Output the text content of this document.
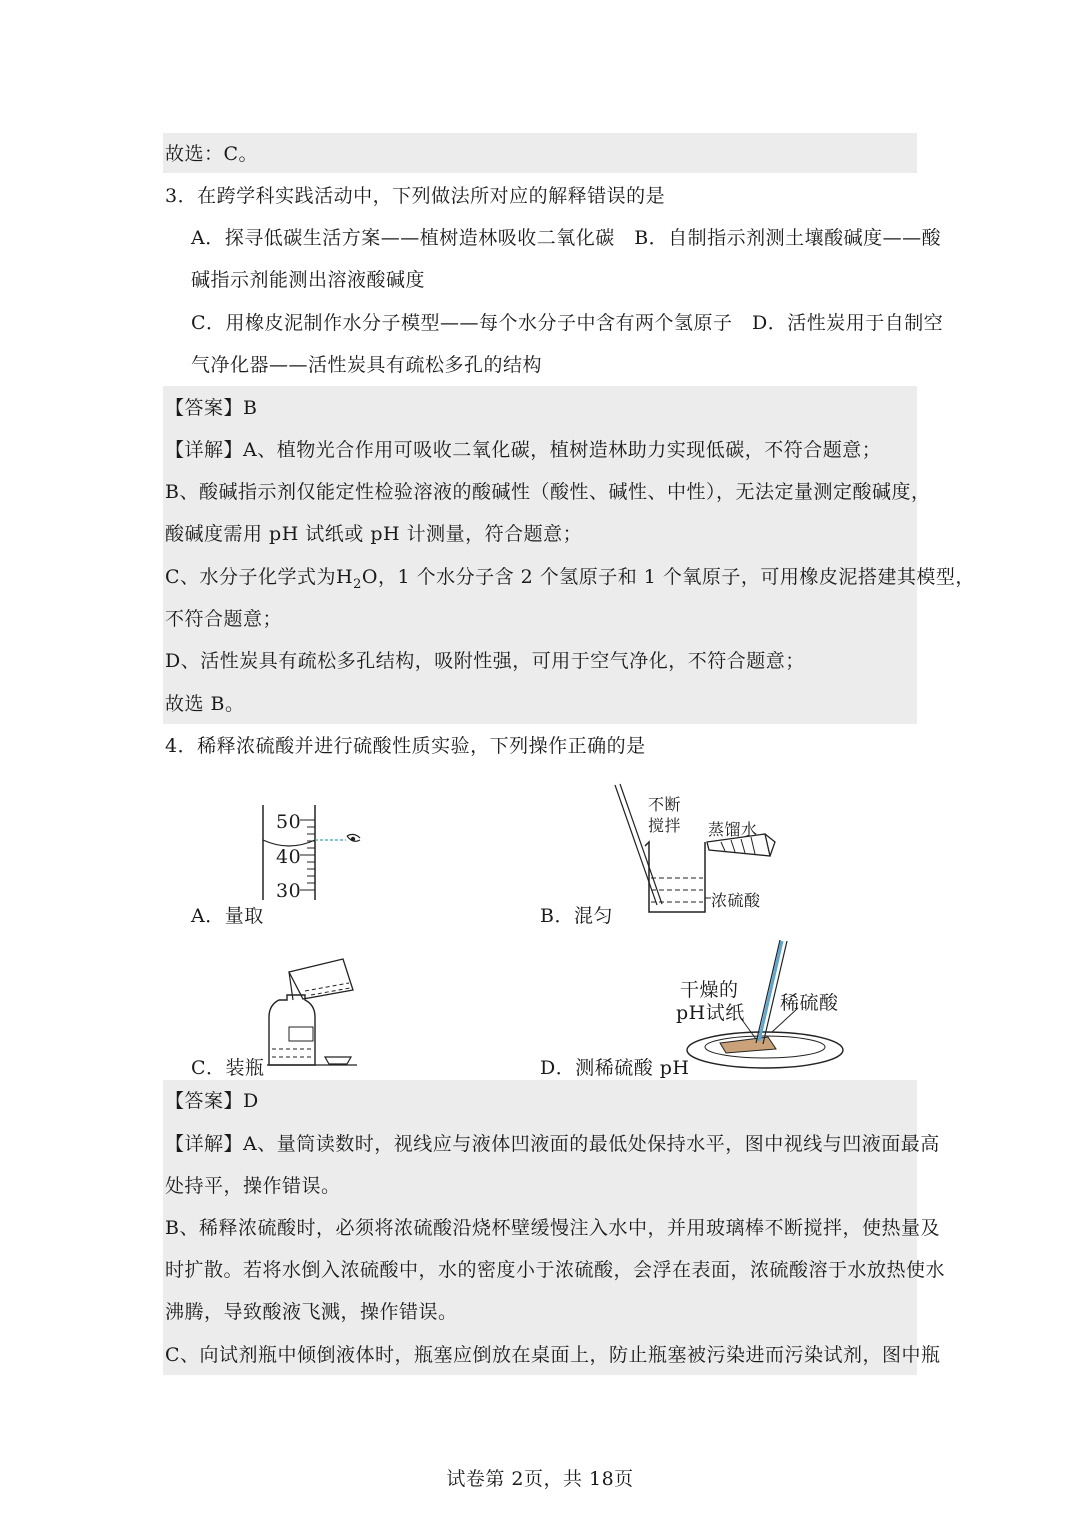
故选：C。
3．在跨学科实践活动中，下列做法所对应的解释错误的是
A．探寻低碳生活方案——植树造林吸收二氧化碳　B．自制指示剂测土壤酸碱度——酸
碱指示剂能测出溶液酸碱度
C．用橡皮泥制作水分子模型——每个水分子中含有两个氢原子　D．活性炭用于自制空
气净化器——活性炭具有疏松多孔的结构
【答案】B
【详解】A、植物光合作用可吸收二氧化碳，植树造林助力实现低碳，不符合题意；
B、酸碱指示剂仅能定性检验溶液的酸碱性（酸性、碱性、中性），无法定量测定酸碱度，
酸碱度需用 pH 试纸或 pH 计测量，符合题意；
C、水分子化学式为$H_2O$，1 个水分子含 2 个氢原子和 1 个氧原子，可用橡皮泥搭建其模型，
不符合题意；
D、活性炭具有疏松多孔结构，吸附性强，可用于空气净化，不符合题意；
故选 B。
4．稀释浓硫酸并进行硫酸性质实验，下列操作正确的是
50
40
30
A．量取
不断
搅拌 蒸馏水
浓硫酸
B．混匀
C．装瓶
干燥的
pH试纸 稀硫酸
D．测稀硫酸 pH
【答案】D
【详解】A、量筒读数时，视线应与液体凹液面的最低处保持水平，图中视线与凹液面最高
处持平，操作错误。
B、稀释浓硫酸时，必须将浓硫酸沿烧杯壁缓慢注入水中，并用玻璃棒不断搅拌，使热量及
时扩散。若将水倒入浓硫酸中，水的密度小于浓硫酸，会浮在表面，浓硫酸溶于水放热使水
沸腾，导致酸液飞溅，操作错误。
C、向试剂瓶中倾倒液体时，瓶塞应倒放在桌面上，防止瓶塞被污染进而污染试剂，图中瓶
试卷第 2页，共 18页
